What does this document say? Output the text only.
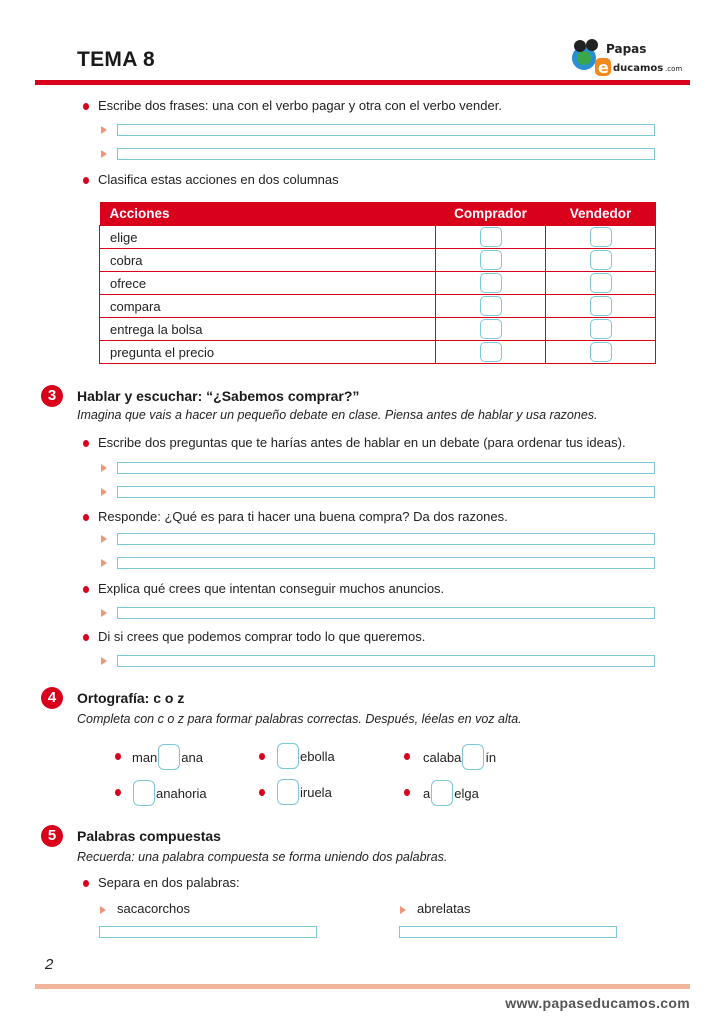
TEMA 8	e
Papas
ducamos .com
Escribe dos frases: una con el verbo pagar y otra con el verbo vender.
Clasifica estas acciones en dos columnas
Acciones	Comprador	Vendedor
elige		
cobra		
ofrece		
compara		
entrega la bolsa		
pregunta el precio		
3	Hablar y escuchar: “¿Sabemos comprar?”
Imagina que vais a hacer un pequeño debate en clase. Piensa antes de hablar y usa razones.
Escribe dos preguntas que te harías antes de hablar en un debate (para ordenar tus ideas).
Responde: ¿Qué es para ti hacer una buena compra? Da dos razones.
Explica qué crees que intentan conseguir muchos anuncios.
Di si crees que podemos comprar todo lo que queremos.
4	Ortografía: c o z
Completa con c o z para formar palabras correctas. Después, léelas en voz alta.
man ana	ebolla	calaba ín
anahoria	iruela	a elga
5	Palabras compuestas
Recuerda: una palabra compuesta se forma uniendo dos palabras.
Separa en dos palabras:
sacacorchos	abrelatas
2
www.papaseducamos.com
